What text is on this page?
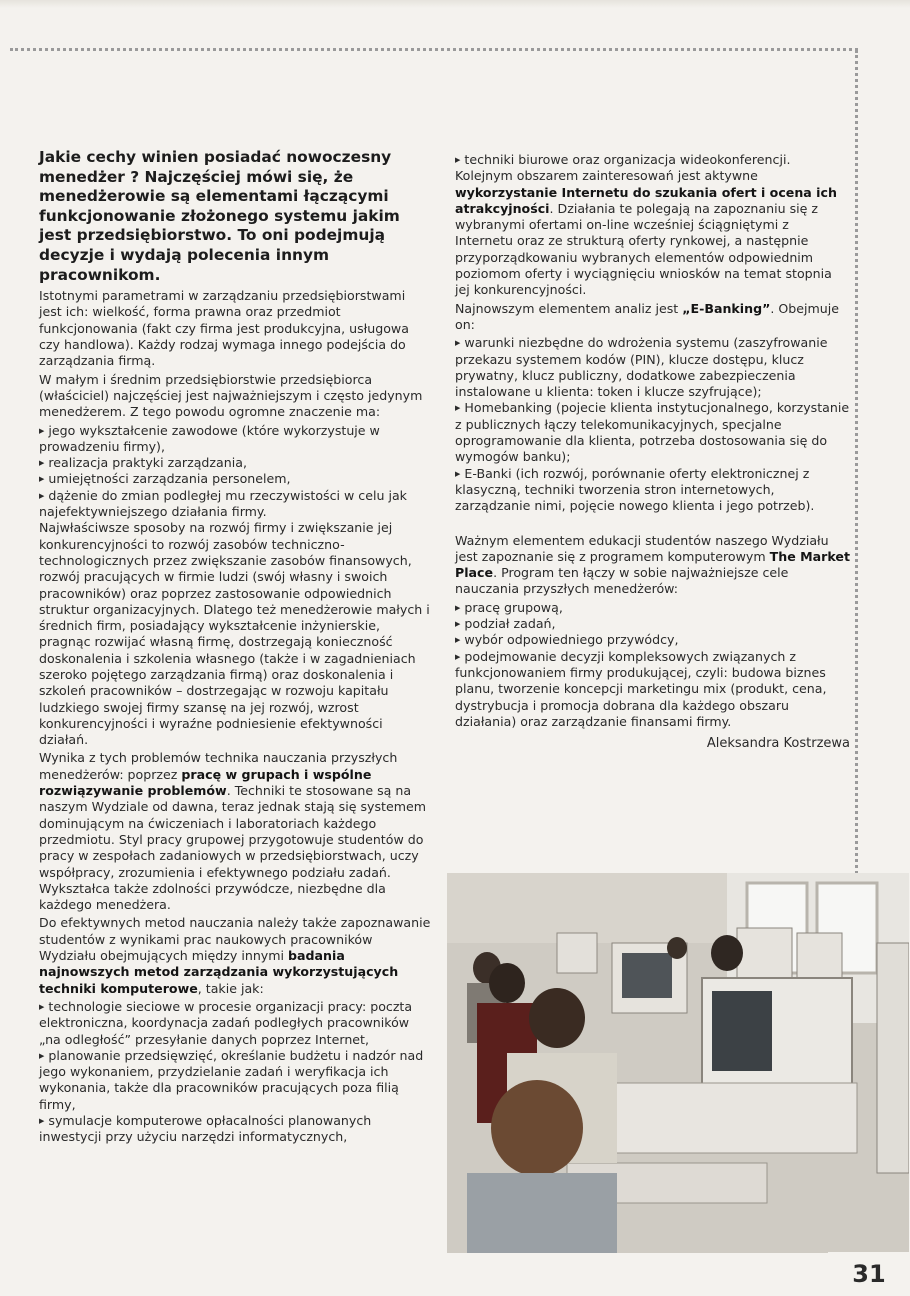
Jakie cechy winien posiadać nowoczesny menedżer ? Najczęściej mówi się, że menedżerowie są elementami łączącymi funkcjonowanie złożonego systemu jakim jest przedsiębiorstwo. To oni podejmują decyzje i wydają polecenia innym pracownikom.

Istotnymi parametrami w zarządzaniu przedsiębiorstwami jest ich: wielkość, forma prawna oraz przedmiot funkcjonowania (fakt czy firma jest produkcyjna, usługowa czy handlowa). Każdy rodzaj wymaga innego podejścia do zarządzania firmą.

W małym i średnim przedsiębiorstwie przedsiębiorca (właściciel) najczęściej jest najważniejszym i często jedynym menedżerem. Z tego powodu ogromne znaczenie ma:

▶ jego wykształcenie zawodowe (które wykorzystuje w prowadzeniu firmy),
▶ realizacja praktyki zarządzania,
▶ umiejętności zarządzania personelem,
▶ dążenie do zmian podległej mu rzeczywistości w celu jak najefektywniejszego działania firmy.

Najwłaściwsze sposoby na rozwój firmy i zwiększanie jej konkurencyjności to rozwój zasobów techniczno-technologicznych przez zwiększanie zasobów finansowych, rozwój pracujących w firmie ludzi (swój własny i swoich pracowników) oraz poprzez zastosowanie odpowiednich struktur organizacyjnych. Dlatego też menedżerowie małych i średnich firm, posiadający wykształcenie inżynierskie, pragnąc rozwijać własną firmę, dostrzegają konieczność doskonalenia i szkolenia własnego (także i w zagadnieniach szeroko pojętego zarządzania firmą) oraz doskonalenia i szkoleń pracowników – dostrzegając w rozwoju kapitału ludzkiego swojej firmy szansę na jej rozwój, wzrost konkurencyjności i wyraźne podniesienie efektywności działań.

Wynika z tych problemów technika nauczania przyszłych menedżerów: poprzez pracę w grupach i wspólne rozwiązywanie problemów. Techniki te stosowane są na naszym Wydziale od dawna, teraz jednak stają się systemem dominującym na ćwiczeniach i laboratoriach każdego przedmiotu. Styl pracy grupowej przygotowuje studentów do pracy w zespołach zadaniowych w przedsiębiorstwach, uczy współpracy, zrozumienia i efektywnego podziału zadań. Wykształca także zdolności przywódcze, niezbędne dla każdego menedżera.

Do efektywnych metod nauczania należy także zapoznawanie studentów z wynikami prac naukowych pracowników Wydziału obejmujących między innymi badania najnowszych metod zarządzania wykorzystujących techniki komputerowe, takie jak:

▶ technologie sieciowe w procesie organizacji pracy: poczta elektroniczna, koordynacja zadań podległych pracowników „na odległość” przesyłanie danych poprzez Internet,
▶ planowanie przedsięwzięć, określanie budżetu i nadzór nad jego wykonaniem, przydzielanie zadań i weryfikacja ich wykonania, także dla pracowników pracujących poza filią firmy,
▶ symulacje komputerowe opłacalności planowanych inwestycji przy użyciu narzędzi informatycznych,
▶ techniki biurowe oraz organizacja wideokonferencji.

Kolejnym obszarem zainteresowań jest aktywne wykorzystanie Internetu do szukania ofert i ocena ich atrakcyjności. Działania te polegają na zapoznaniu się z wybranymi ofertami on-line wcześniej ściągniętymi z Internetu oraz ze strukturą oferty rynkowej, a następnie przyporządkowaniu wybranych elementów odpowiednim poziomom oferty i wyciągnięciu wniosków na temat stopnia jej konkurencyjności.

Najnowszym elementem analiz jest „E-Banking”. Obejmuje on:

▶ warunki niezbędne do wdrożenia systemu (zaszyfrowanie przekazu systemem kodów (PIN), klucze dostępu, klucz prywatny, klucz publiczny, dodatkowe zabezpieczenia instalowane u klienta: token i klucze szyfrujące);
▶ Homebanking (pojecie klienta instytucjonalnego, korzystanie z publicznych łączy telekomunikacyjnych, specjalne oprogramowanie dla klienta, potrzeba dostosowania się do wymogów banku);
▶ E-Banki (ich rozwój, porównanie oferty elektronicznej z klasyczną, techniki tworzenia stron internetowych, zarządzanie nimi, pojęcie nowego klienta i jego potrzeb).

Ważnym elementem edukacji studentów naszego Wydziału jest zapoznanie się z programem komputerowym The Market Place. Program ten łączy w sobie najważniejsze cele nauczania przyszłych menedżerów:

▶ pracę grupową,
▶ podział zadań,
▶ wybór odpowiedniego przywódcy,
▶ podejmowanie decyzji kompleksowych związanych z funkcjonowaniem firmy produkującej, czyli: budowa biznes planu, tworzenie koncepcji marketingu mix (produkt, cena, dystrybucja i promocja dobrana dla każdego obszaru działania) oraz zarządzanie finansami firmy.
Aleksandra Kostrzewa
31
